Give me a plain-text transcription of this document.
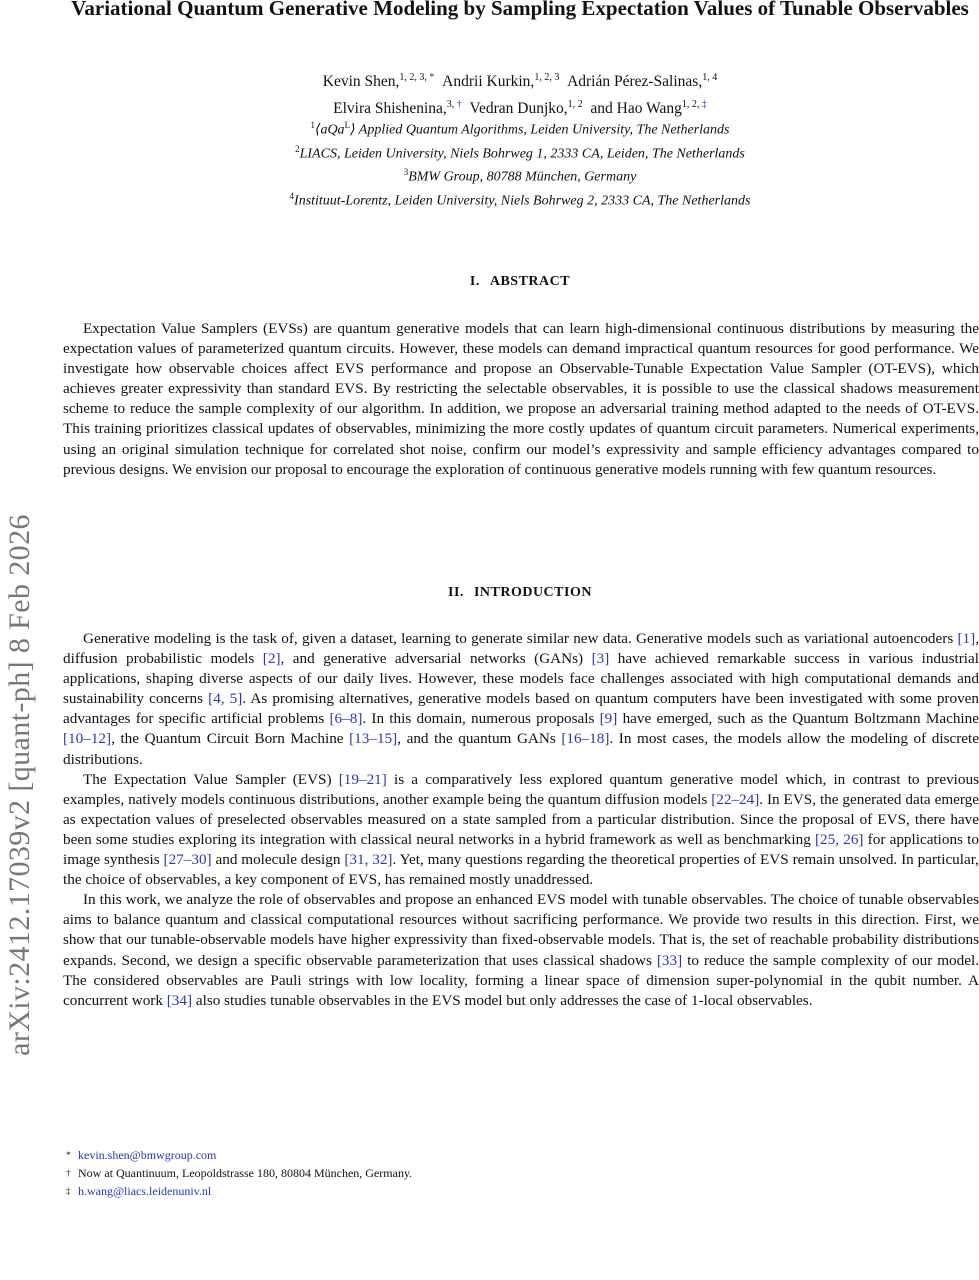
arXiv:2412.17039v2 [quant-ph] 8 Feb 2026
Variational Quantum Generative Modeling by Sampling Expectation Values of Tunable Observables
Kevin Shen,$^{1, 2, 3, *}$ Andrii Kurkin,$^{1, 2, 3}$ Adrián Pérez-Salinas,$^{1, 4}$
Elvira Shishenina,$^{3, \dagger}$ Vedran Dunjko,$^{1, 2}$ and Hao Wang$^{1, 2, \ddagger}$
$^1$⟨aQa$^L$⟩ Applied Quantum Algorithms, Leiden University, The Netherlands
$^2$LIACS, Leiden University, Niels Bohrweg 1, 2333 CA, Leiden, The Netherlands
$^3$BMW Group, 80788 München, Germany
$^4$Instituut-Lorentz, Leiden University, Niels Bohrweg 2, 2333 CA, The Netherlands
I. ABSTRACT

Expectation Value Samplers (EVSs) are quantum generative models that can learn high-dimensional continuous distributions by measuring the expectation values of parameterized quantum circuits. However, these models can demand impractical quantum resources for good performance. We investigate how observable choices affect EVS performance and propose an Observable-Tunable Expectation Value Sampler (OT-EVS), which achieves greater expressivity than standard EVS. By restricting the selectable observables, it is possible to use the classical shadows measurement scheme to reduce the sample complexity of our algorithm. In addition, we propose an adversarial training method adapted to the needs of OT-EVS. This training prioritizes classical updates of observables, minimizing the more costly updates of quantum circuit parameters. Numerical experiments, using an original simulation technique for correlated shot noise, confirm our model’s expressivity and sample efficiency advantages compared to previous designs. We envision our proposal to encourage the exploration of continuous generative models running with few quantum resources.

II. INTRODUCTION

Generative modeling is the task of, given a dataset, learning to generate similar new data. Generative models such as variational autoencoders [1], diffusion probabilistic models [2], and generative adversarial networks (GANs) [3] have achieved remarkable success in various industrial applications, shaping diverse aspects of our daily lives. However, these models face challenges associated with high computational demands and sustainability concerns [4, 5]. As promising alternatives, generative models based on quantum computers have been investigated with some proven advantages for specific artificial problems [6–8]. In this domain, numerous proposals [9] have emerged, such as the Quantum Boltzmann Machine [10–12], the Quantum Circuit Born Machine [13–15], and the quantum GANs [16–18]. In most cases, the models allow the modeling of discrete distributions.

The Expectation Value Sampler (EVS) [19–21] is a comparatively less explored quantum generative model which, in contrast to previous examples, natively models continuous distributions, another example being the quantum diffusion models [22–24]. In EVS, the generated data emerge as expectation values of preselected observables measured on a state sampled from a particular distribution. Since the proposal of EVS, there have been some studies exploring its integration with classical neural networks in a hybrid framework as well as benchmarking [25, 26] for applications to image synthesis [27–30] and molecule design [31, 32]. Yet, many questions regarding the theoretical properties of EVS remain unsolved. In particular, the choice of observables, a key component of EVS, has remained mostly unaddressed.

In this work, we analyze the role of observables and propose an enhanced EVS model with tunable observables. The choice of tunable observables aims to balance quantum and classical computational resources without sacrificing performance. We provide two results in this direction. First, we show that our tunable-observable models have higher expressivity than fixed-observable models. That is, the set of reachable probability distributions expands. Second, we design a specific observable parameterization that uses classical shadows [33] to reduce the sample complexity of our model. The considered observables are Pauli strings with low locality, forming a linear space of dimension super-polynomial in the qubit number. A concurrent work [34] also studies tunable observables in the EVS model but only addresses the case of 1-local observables.

* kevin.shen@bmwgroup.com
† Now at Quantinuum, Leopoldstrasse 180, 80804 München, Germany.
‡ h.wang@liacs.leidenuniv.nl
